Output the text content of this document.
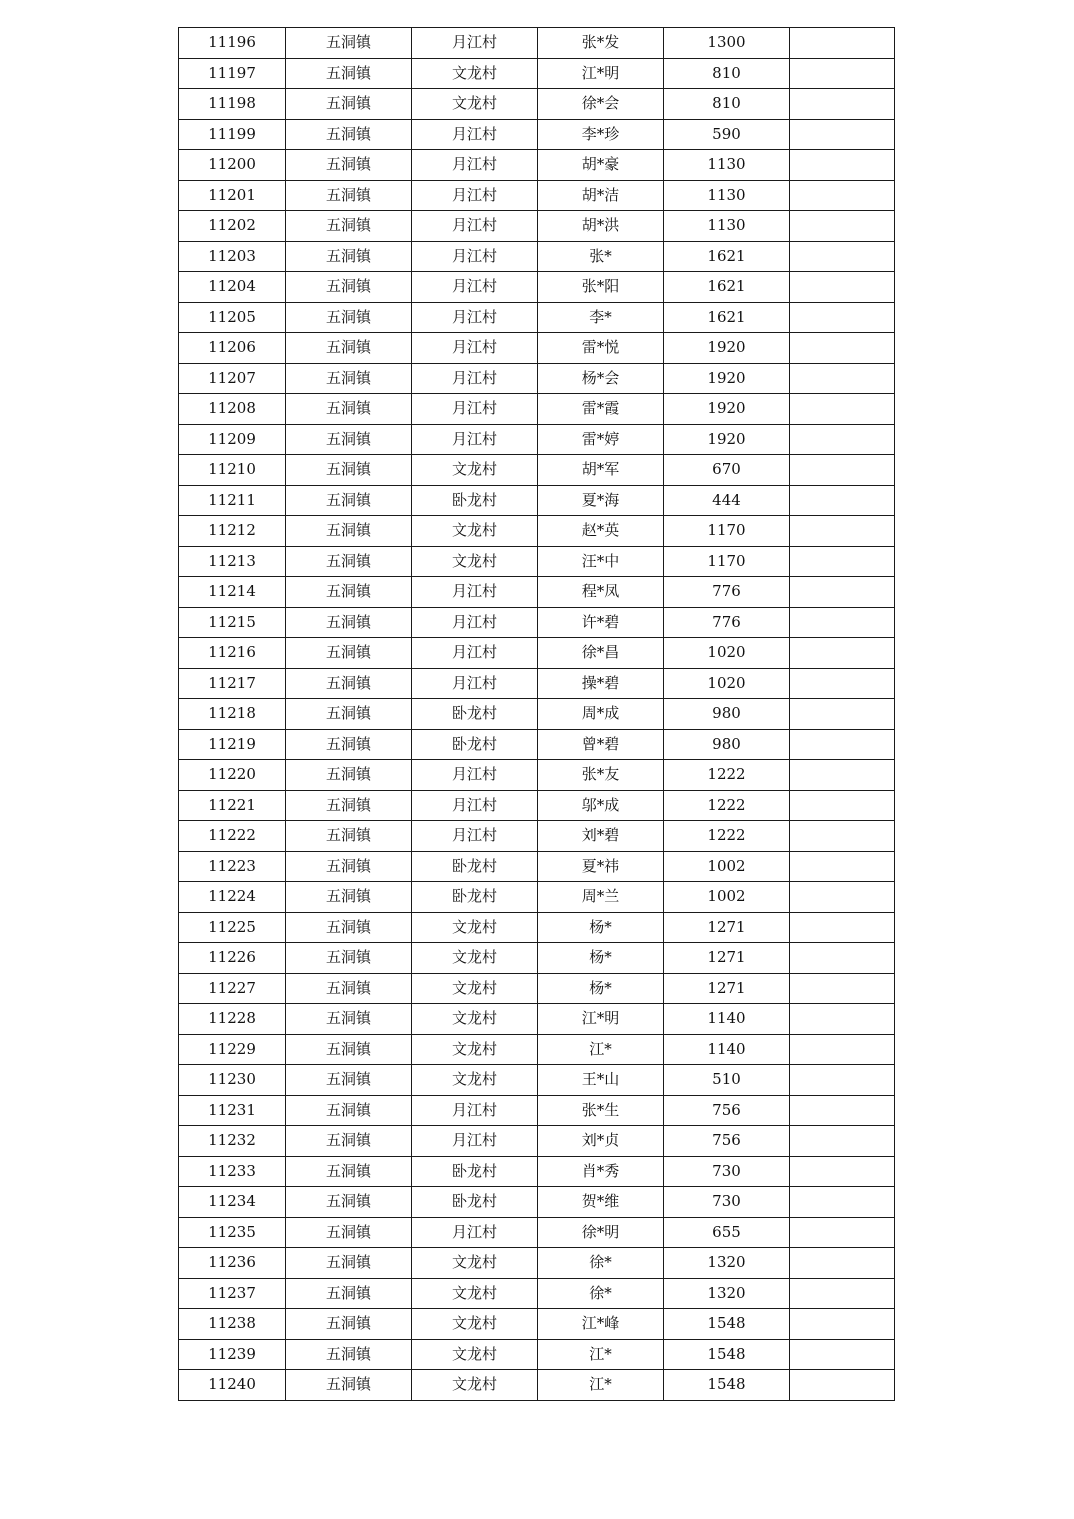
11196	五洞镇	月江村	张*发	1300	
11197	五洞镇	文龙村	江*明	810	
11198	五洞镇	文龙村	徐*会	810	
11199	五洞镇	月江村	李*珍	590	
11200	五洞镇	月江村	胡*豪	1130	
11201	五洞镇	月江村	胡*洁	1130	
11202	五洞镇	月江村	胡*洪	1130	
11203	五洞镇	月江村	张*	1621	
11204	五洞镇	月江村	张*阳	1621	
11205	五洞镇	月江村	李*	1621	
11206	五洞镇	月江村	雷*悦	1920	
11207	五洞镇	月江村	杨*会	1920	
11208	五洞镇	月江村	雷*霞	1920	
11209	五洞镇	月江村	雷*婷	1920	
11210	五洞镇	文龙村	胡*军	670	
11211	五洞镇	卧龙村	夏*海	444	
11212	五洞镇	文龙村	赵*英	1170	
11213	五洞镇	文龙村	汪*中	1170	
11214	五洞镇	月江村	程*凤	776	
11215	五洞镇	月江村	许*碧	776	
11216	五洞镇	月江村	徐*昌	1020	
11217	五洞镇	月江村	操*碧	1020	
11218	五洞镇	卧龙村	周*成	980	
11219	五洞镇	卧龙村	曾*碧	980	
11220	五洞镇	月江村	张*友	1222	
11221	五洞镇	月江村	邬*成	1222	
11222	五洞镇	月江村	刘*碧	1222	
11223	五洞镇	卧龙村	夏*祎	1002	
11224	五洞镇	卧龙村	周*兰	1002	
11225	五洞镇	文龙村	杨*	1271	
11226	五洞镇	文龙村	杨*	1271	
11227	五洞镇	文龙村	杨*	1271	
11228	五洞镇	文龙村	江*明	1140	
11229	五洞镇	文龙村	江*	1140	
11230	五洞镇	文龙村	王*山	510	
11231	五洞镇	月江村	张*生	756	
11232	五洞镇	月江村	刘*贞	756	
11233	五洞镇	卧龙村	肖*秀	730	
11234	五洞镇	卧龙村	贺*维	730	
11235	五洞镇	月江村	徐*明	655	
11236	五洞镇	文龙村	徐*	1320	
11237	五洞镇	文龙村	徐*	1320	
11238	五洞镇	文龙村	江*峰	1548	
11239	五洞镇	文龙村	江*	1548	
11240	五洞镇	文龙村	江*	1548	
